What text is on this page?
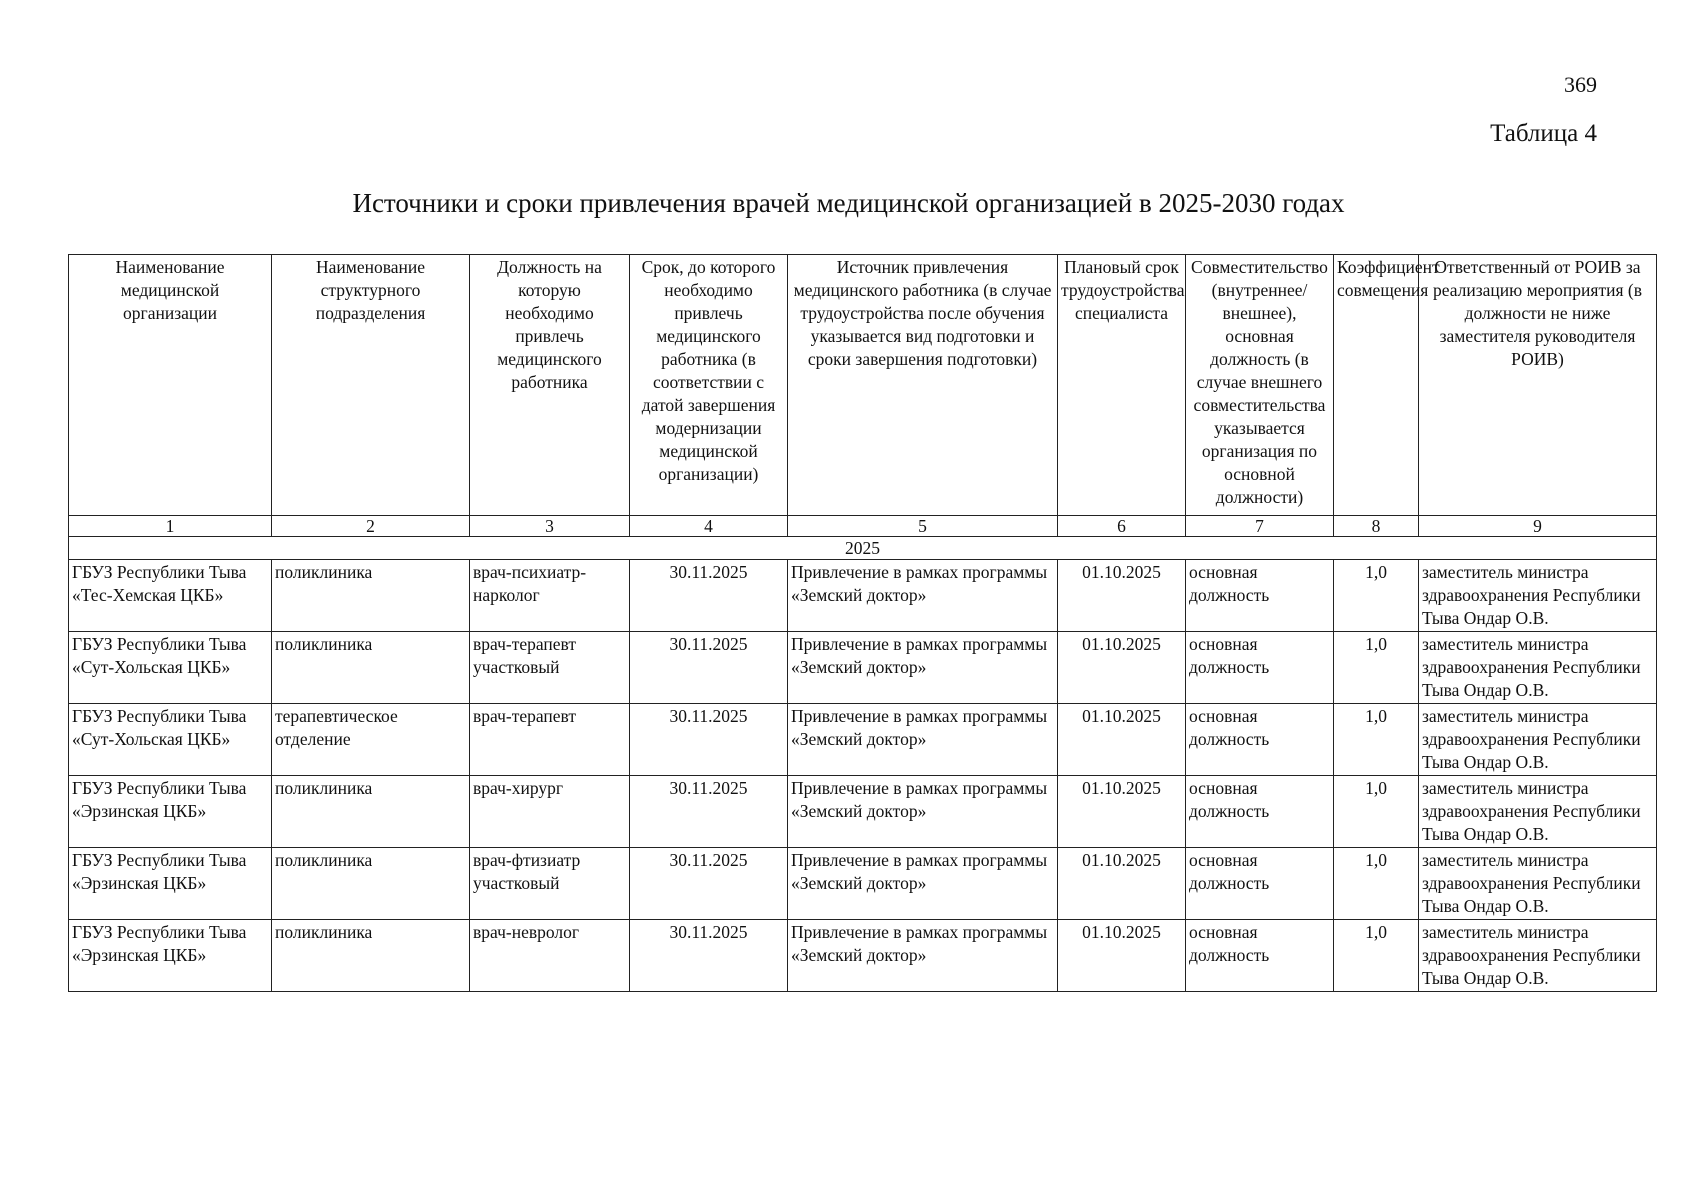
369
Таблица 4
Источники и сроки привлечения врачей медицинской организацией в 2025-2030 годах
Наименование медицинской организации	Наименование структурного подразделения	Должность на которую необходимо привлечь медицинского работника	Срок, до которого необходимо привлечь медицинского работника (в соответствии с датой завершения модернизации медицинской организации)	Источник привлечения медицинского работника (в случае трудоустройства после обучения указывается вид подготовки и сроки завершения подготовки)	Плановый срок трудоустройства специалиста	Совместительство (внутреннее/внешнее), основная должность (в случае внешнего совместительства указывается организация по основной должности)	Коэффициент совмещения	Ответственный от РОИВ за реализацию мероприятия (в должности не ниже заместителя руководителя РОИВ)
1	2	3	4	5	6	7	8	9
2025								
ГБУЗ Республики Тыва «Тес-Хемская ЦКБ»	поликлиника	врач-психиатр-нарколог	30.11.2025	Привлечение в рамках программы «Земский доктор»	01.10.2025	основная должность	1,0	заместитель министра здравоохранения Республики Тыва Ондар О.В.
ГБУЗ Республики Тыва «Сут-Хольская ЦКБ»	поликлиника	врач-терапевт участковый	30.11.2025	Привлечение в рамках программы «Земский доктор»	01.10.2025	основная должность	1,0	заместитель министра здравоохранения Республики Тыва Ондар О.В.
ГБУЗ Республики Тыва «Сут-Хольская ЦКБ»	терапевтическое отделение	врач-терапевт	30.11.2025	Привлечение в рамках программы «Земский доктор»	01.10.2025	основная должность	1,0	заместитель министра здравоохранения Республики Тыва Ондар О.В.
ГБУЗ Республики Тыва «Эрзинская ЦКБ»	поликлиника	врач-хирург	30.11.2025	Привлечение в рамках программы «Земский доктор»	01.10.2025	основная должность	1,0	заместитель министра здравоохранения Республики Тыва Ондар О.В.
ГБУЗ Республики Тыва «Эрзинская ЦКБ»	поликлиника	врач-фтизиатр участковый	30.11.2025	Привлечение в рамках программы «Земский доктор»	01.10.2025	основная должность	1,0	заместитель министра здравоохранения Республики Тыва Ондар О.В.
ГБУЗ Республики Тыва «Эрзинская ЦКБ»	поликлиника	врач-невролог	30.11.2025	Привлечение в рамках программы «Земский доктор»	01.10.2025	основная должность	1,0	заместитель министра здравоохранения Республики Тыва Ондар О.В.
